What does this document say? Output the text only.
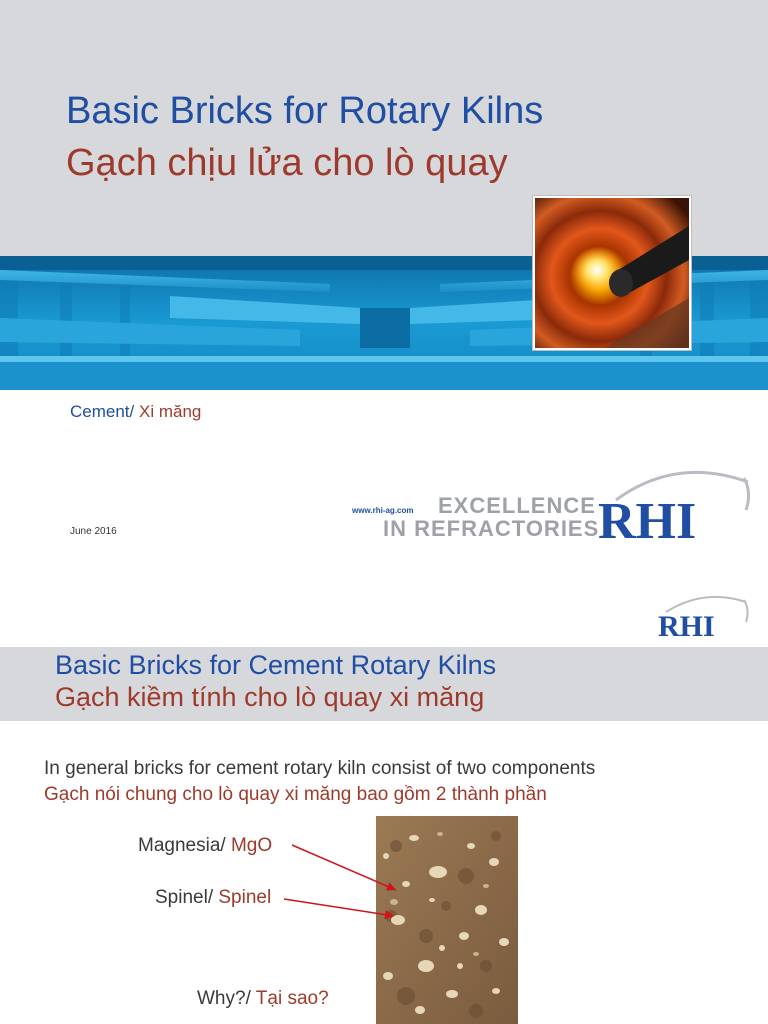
Basic Bricks for Rotary Kilns
Gạch chịu lửa cho lò quay
Cement/ Xi măng
June 2016
www.rhi-ag.com EXCELLENCE
IN REFRACTORIES
RHI
RHI
Basic Bricks for Cement Rotary Kilns
Gạch kiềm tính cho lò quay xi măng
In general bricks for cement rotary kiln consist of two components
Gạch nói chung cho lò quay xi măng bao gồm 2 thành phần
Magnesia/ MgO
Spinel/ Spinel
Why?/ Tại sao?
